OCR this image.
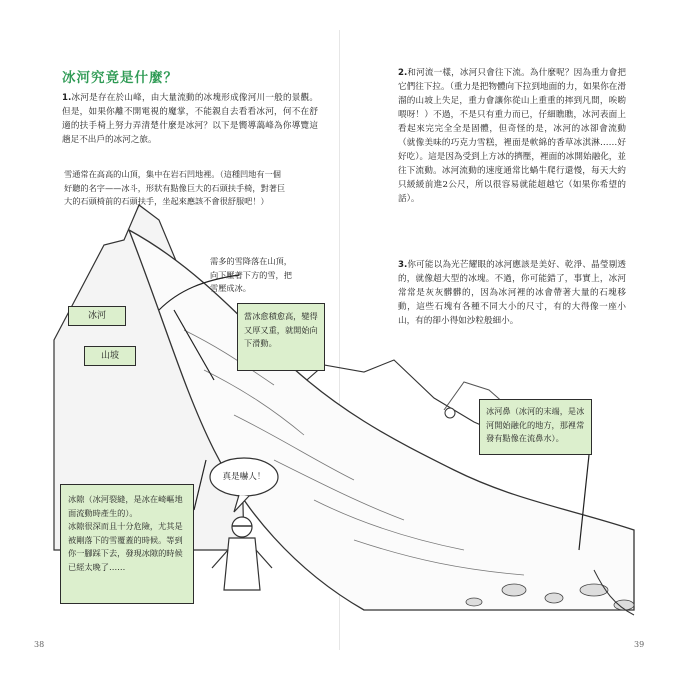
冰河究竟是什麼？

1.冰河是存在於山峰，由大量流動的冰塊形成像河川一般的景觀。但是，如果你離不開電視的魔掌，不能親自去看看冰河，何不在舒適的扶手椅上努力弄清楚什麼是冰河？以下是嚮導藹峰為你導覽這趟足不出戶的冰河之旅。

2.和河流一樣，冰河只會往下流。為什麼呢？因為重力會把它們往下拉。（重力是把物體向下拉到地面的力，如果你在滑溜的山坡上失足，重力會讓你從山上重重的摔到凡間，唉喲喂呀！）不過，不是只有重力而已，仔細瞧瞧，冰河表面上看起來完完全全是固體，但奇怪的是，冰河的冰卻會流動（就像美味的巧克力雪糕，裡面是軟綿的香草冰淇淋……好好吃）。這是因為受到上方冰的擠壓，裡面的冰開始融化，並往下流動。冰河流動的速度通常比蝸牛爬行還慢，每天大約只緩緩前進2公尺，所以很容易就能超越它（如果你希望的話）。

3.你可能以為光芒耀眼的冰河應該是美好、乾淨、晶瑩剔透的，就像超大型的冰塊。不過，你可能錯了，事實上，冰河常常是灰灰髒髒的，因為冰河裡的冰會帶著大量的石塊移動，這些石塊有各種不同大小的尺寸，有的大得像一座小山，有的卻小得如沙粒般細小。

雪通常在高高的山頂，集中在岩石凹地裡。（這種凹地有一個好聽的名字——冰斗，形狀有點像巨大的石頭扶手椅，對著巨大的石頭椅前的石頭扶手，坐起來應該不會很舒服吧！）
需多的雪降落在山頂，向下壓著下方的雪，把雪壓成冰。
冰河
山坡
當冰愈積愈高，變得又厚又重，就開始向下滑動。
冰河鼻（冰河的末端，是冰河開始融化的地方，那裡常發有點像在流鼻水）。
冰隙（冰河裂縫，是冰在崎嶇地面流動時產生的）。
冰隙很深而且十分危險，尤其是被剛落下的雪覆蓋的時候。等到你一腳踩下去，發現冰隙的時候已經太晚了……
真是嚇人！
38	39
